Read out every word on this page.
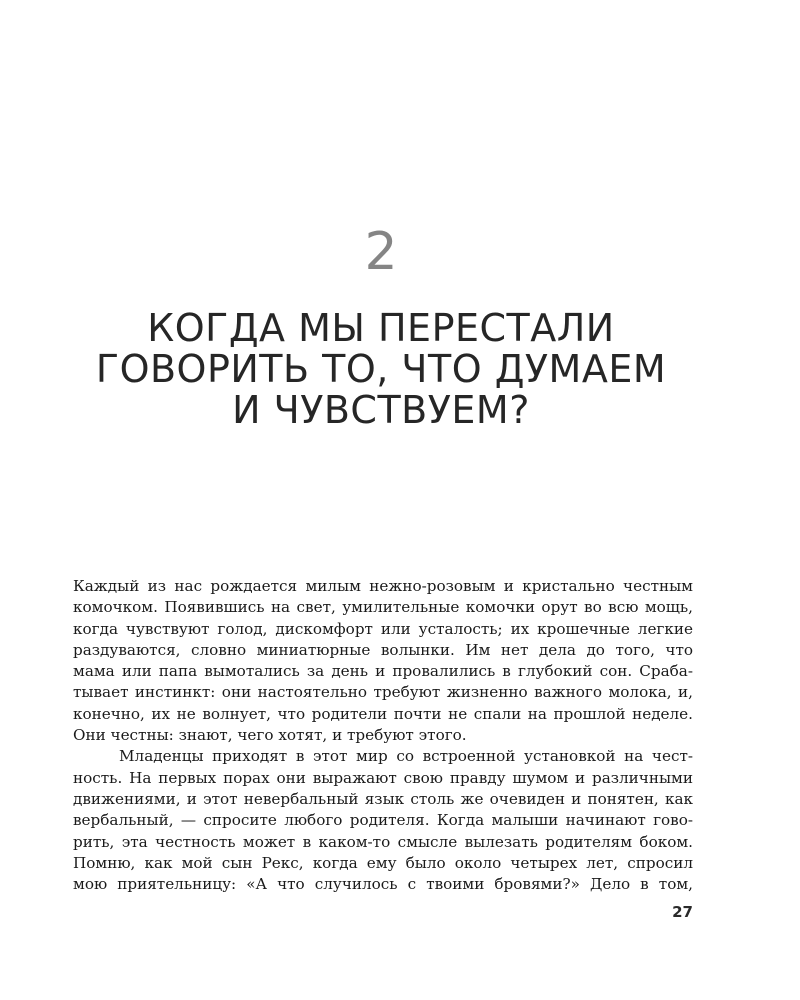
2
КОГДА МЫ ПЕРЕСТАЛИ
ГОВОРИТЬ ТО, ЧТО ДУМАЕМ
И ЧУВСТВУЕМ?
Каждый из нас рождается милым нежно-розовым и кристально честным
комочком. Появившись на свет, умилительные комочки орут во всю мощь,
когда чувствуют голод, дискомфорт или усталость; их крошечные легкие
раздуваются, словно миниатюрные волынки. Им нет дела до того, что
мама или папа вымотались за день и провалились в глубокий сон. Сраба-
тывает инстинкт: они настоятельно требуют жизненно важного молока, и,
конечно, их не волнует, что родители почти не спали на прошлой неделе.
Они честны: знают, чего хотят, и требуют этого.
Младенцы приходят в этот мир со встроенной установкой на чест-
ность. На первых порах они выражают свою правду шумом и различными
движениями, и этот невербальный язык столь же очевиден и понятен, как
вербальный, — спросите любого родителя. Когда малыши начинают гово-
рить, эта честность может в каком-то смысле вылезать родителям боком.
Помню, как мой сын Рекс, когда ему было около четырех лет, спросил
мою приятельницу: «А что случилось с твоими бровями?» Дело в том,
27
